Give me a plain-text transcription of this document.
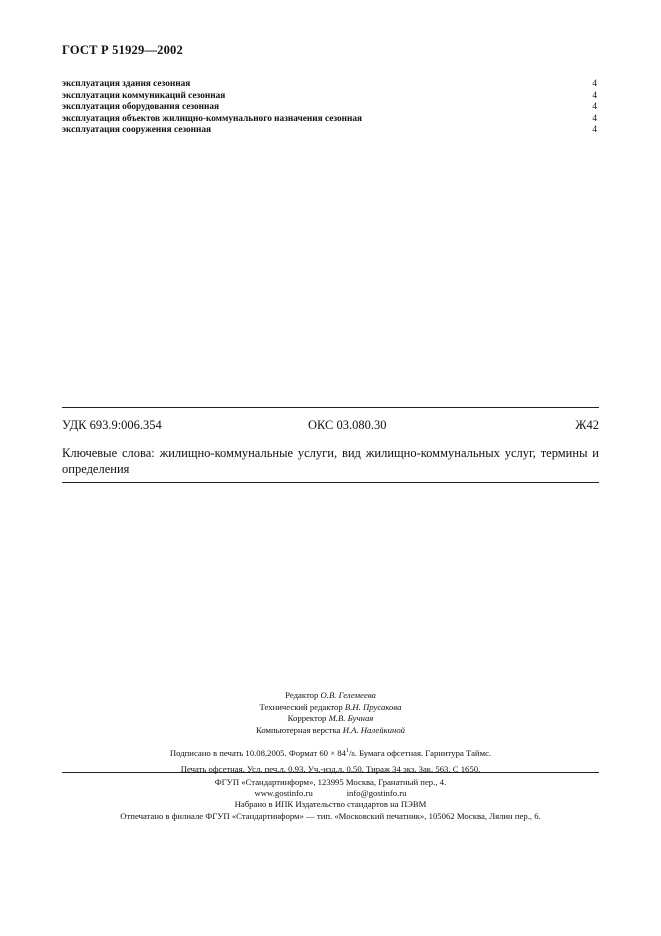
ГОСТ Р 51929—2002
эксплуатация здания сезонная	4
эксплуатация коммуникаций сезонная	4
эксплуатация оборудования сезонная	4
эксплуатация объектов жилищно-коммунального назначения сезонная	4
эксплуатация сооружения сезонная	4
УДК 693.9:006.354	ОКС 03.080.30	Ж42
Ключевые слова: жилищно-коммунальные услуги, вид жилищно-коммунальных услуг, термины и определения
Редактор О.В. Гелемеева
Технический редактор В.Н. Прусакова
Корректор М.В. Бучная
Компьютерная верстка И.А. Налейкиной
Подписано в печать 10.08.2005. Формат $60 \times 84^1/8$. Бумага офсетная. Гарнитура Таймс.
Печать офсетная. Усл. печ.л. 0,93. Уч.-изд.л. 0,50. Тираж 34 экз. Зак. 563. С 1650.
ФГУП «Стандартинформ», 123995 Москва, Гранатный пер., 4.
www.gostinfo.ru	info@gostinfo.ru
Набрано в ИПК Издательство стандартов на ПЭВМ
Отпечатано в филиале ФГУП «Стандартинформ» — тип. «Московский печатник», 105062 Москва, Лялин пер., 6.
